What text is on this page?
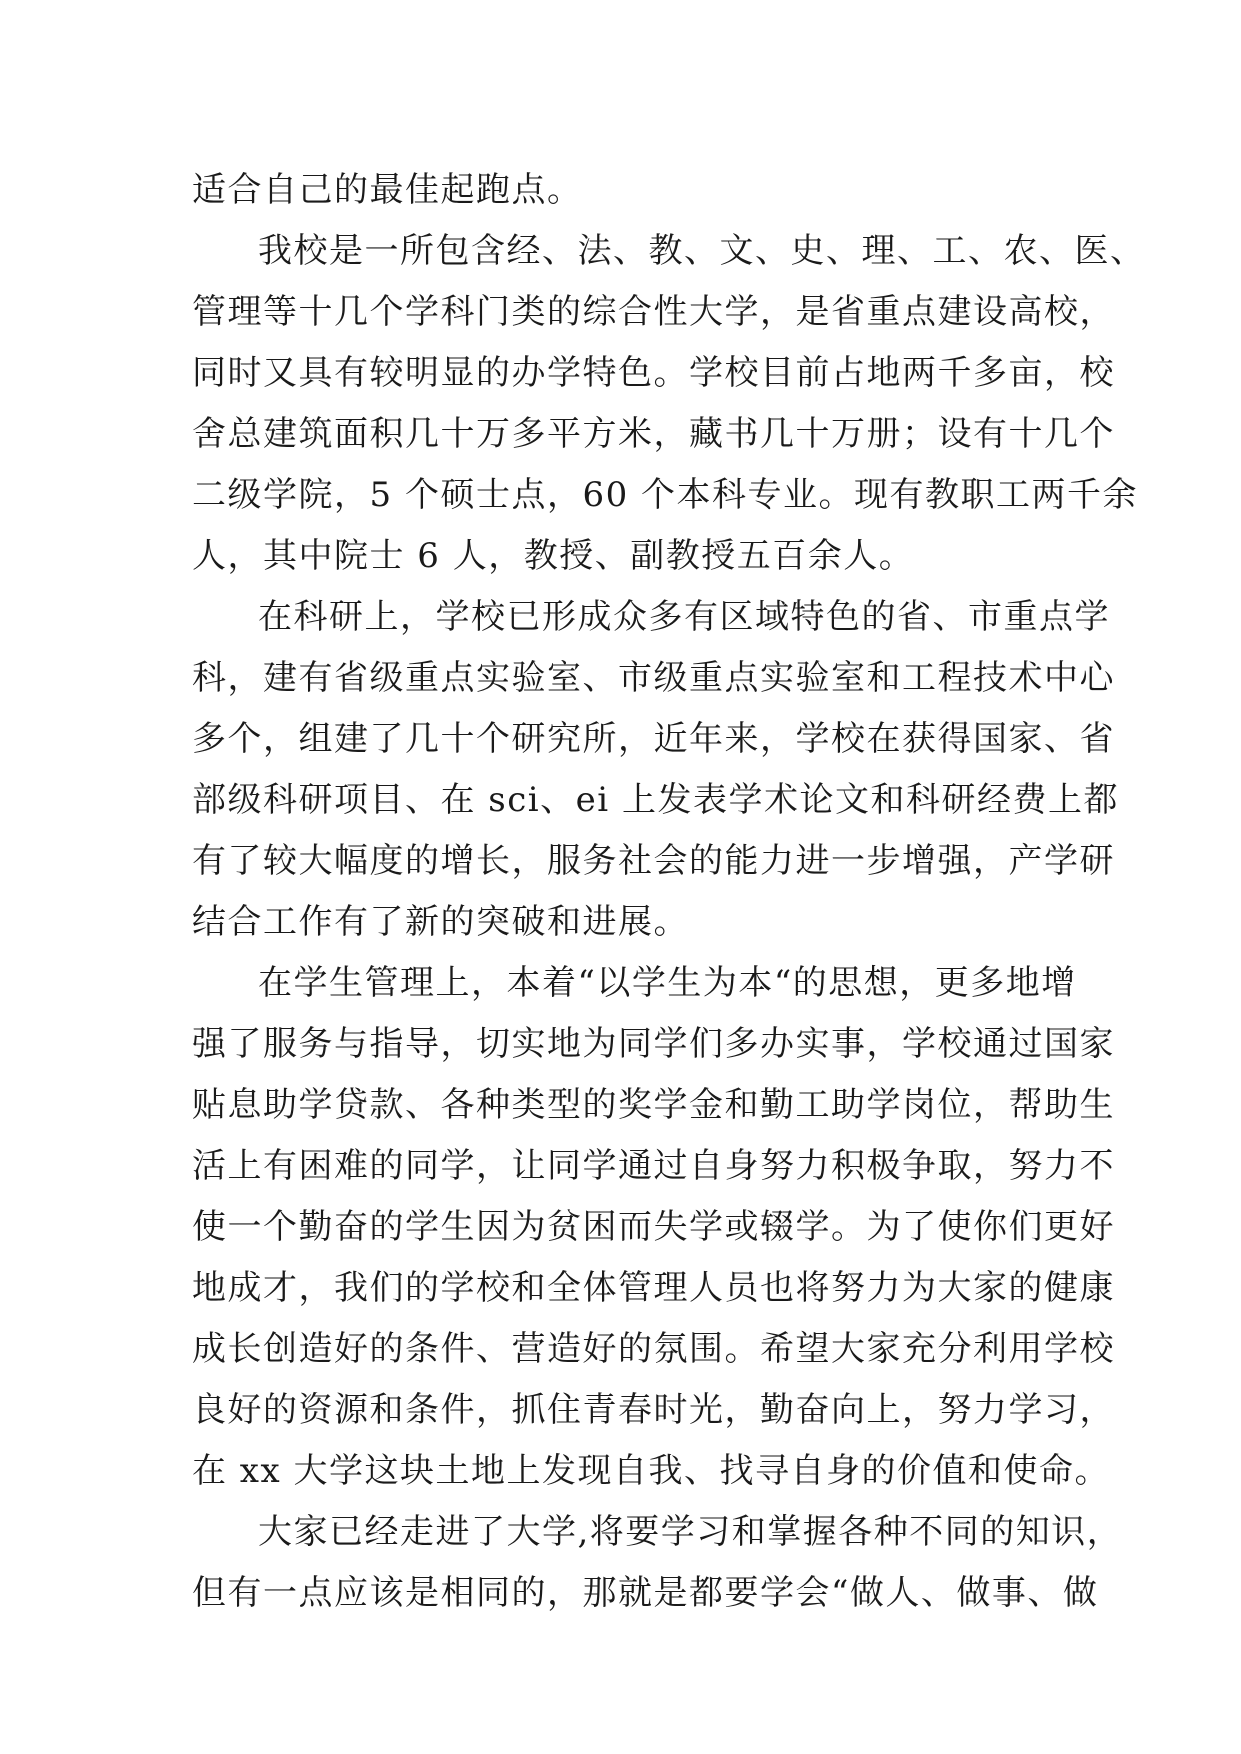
适合自己的最佳起跑点。
我校是一所包含经、法、教、文、史、理、工、农、医、
管理等十几个学科门类的综合性大学，是省重点建设高校，
同时又具有较明显的办学特色。学校目前占地两千多亩，校
舍总建筑面积几十万多平方米，藏书几十万册；设有十几个
二级学院，5 个硕士点，60 个本科专业。现有教职工两千余
人，其中院士 6 人，教授、副教授五百余人。
在科研上，学校已形成众多有区域特色的省、市重点学
科，建有省级重点实验室、市级重点实验室和工程技术中心
多个，组建了几十个研究所，近年来，学校在获得国家、省
部级科研项目、在 sci、ei 上发表学术论文和科研经费上都
有了较大幅度的增长，服务社会的能力进一步增强，产学研
结合工作有了新的突破和进展。
在学生管理上，本着“以学生为本“的思想，更多地增
强了服务与指导，切实地为同学们多办实事，学校通过国家
贴息助学贷款、各种类型的奖学金和勤工助学岗位，帮助生
活上有困难的同学，让同学通过自身努力积极争取，努力不
使一个勤奋的学生因为贫困而失学或辍学。为了使你们更好
地成才，我们的学校和全体管理人员也将努力为大家的健康
成长创造好的条件、营造好的氛围。希望大家充分利用学校
良好的资源和条件，抓住青春时光，勤奋向上，努力学习，
在 xx 大学这块土地上发现自我、找寻自身的价值和使命。
大家已经走进了大学,将要学习和掌握各种不同的知识，
但有一点应该是相同的，那就是都要学会“做人、做事、做
